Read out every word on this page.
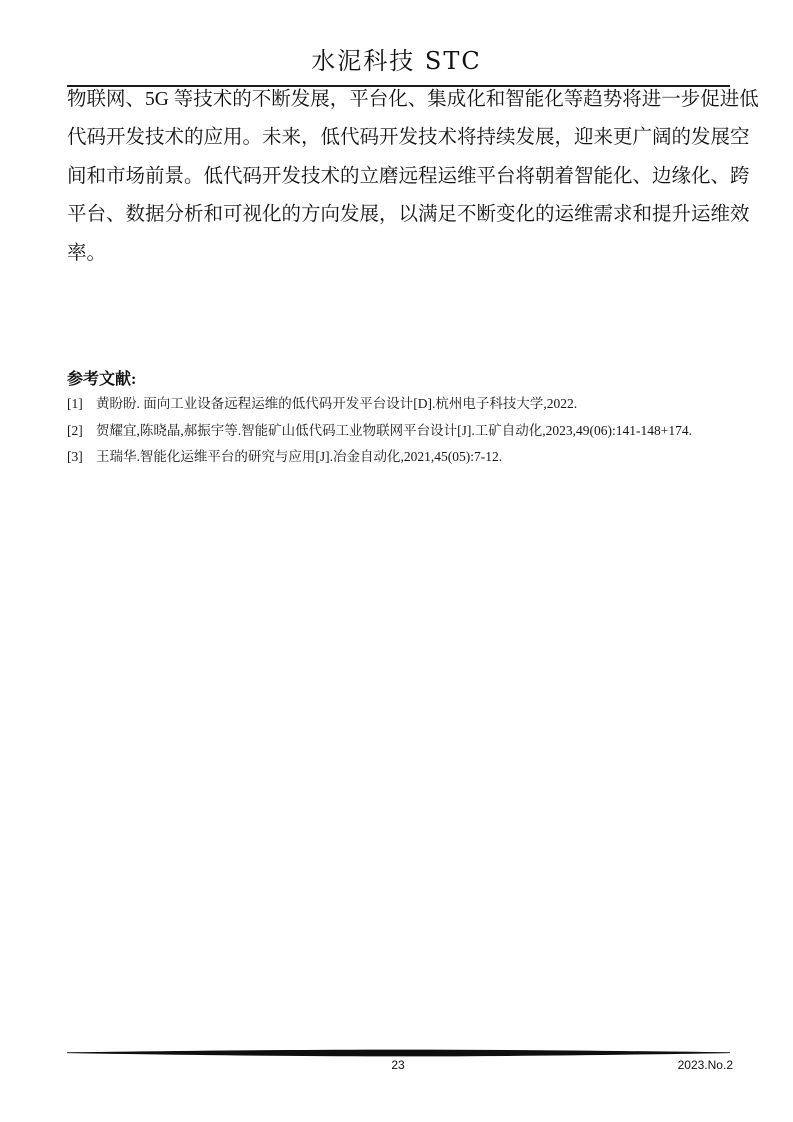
水泥科技 STC
物联网、5G 等技术的不断发展，平台化、集成化和智能化等趋势将进一步促进低
代码开发技术的应用。未来，低代码开发技术将持续发展，迎来更广阔的发展空
间和市场前景。低代码开发技术的立磨远程运维平台将朝着智能化、边缘化、跨
平台、数据分析和可视化的方向发展，以满足不断变化的运维需求和提升运维效
率。
参考文献:
[1] 黄盼盼. 面向工业设备远程运维的低代码开发平台设计[D].杭州电子科技大学,2022.
[2] 贺耀宜,陈晓晶,郝振宇等.智能矿山低代码工业物联网平台设计[J].工矿自动化,2023,49(06):141-148+174.
[3] 王瑞华.智能化运维平台的研究与应用[J].冶金自动化,2021,45(05):7-12.
23	2023.No.2
